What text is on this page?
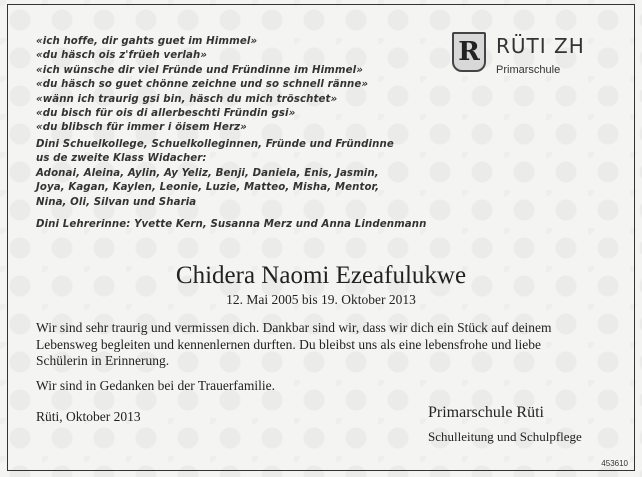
«ich hoffe, dir gahts guet im Himmel»
«du häsch ois z'früeh verlah»
«ich wünsche dir viel Fründe und Fründinne im Himmel»
«du häsch so guet chönne zeichne und so schnell ränne»
«wänn ich traurig gsi bin, häsch du mich tröschtet»
«du bisch für ois di allerbeschti Fründin gsi»
«du blibsch für immer i öisem Herz»
R RÜTI ZH
Primarschule
Dini Schuelkollege, Schuelkolleginnen, Fründe und Fründinne
us de zweite Klass Widacher:
Adonai, Aleina, Aylin, Ay Yeliz, Benji, Daniela, Enis, Jasmin,
Joya, Kagan, Kaylen, Leonie, Luzie, Matteo, Misha, Mentor,
Nina, Oli, Silvan und Sharia
Dini Lehrerinne: Yvette Kern, Susanna Merz und Anna Lindenmann
Chidera Naomi Ezeafulukwe
12. Mai 2005 bis 19. Oktober 2013
Wir sind sehr traurig und vermissen dich. Dankbar sind wir, dass wir dich ein Stück auf deinem Lebensweg begleiten und kennenlernen durften. Du bleibst uns als eine lebensfrohe und liebe Schülerin in Erinnerung.
Wir sind in Gedanken bei der Trauerfamilie.
Rüti, Oktober 2013	Primarschule Rüti
Schulleitung und Schulpflege
453610
